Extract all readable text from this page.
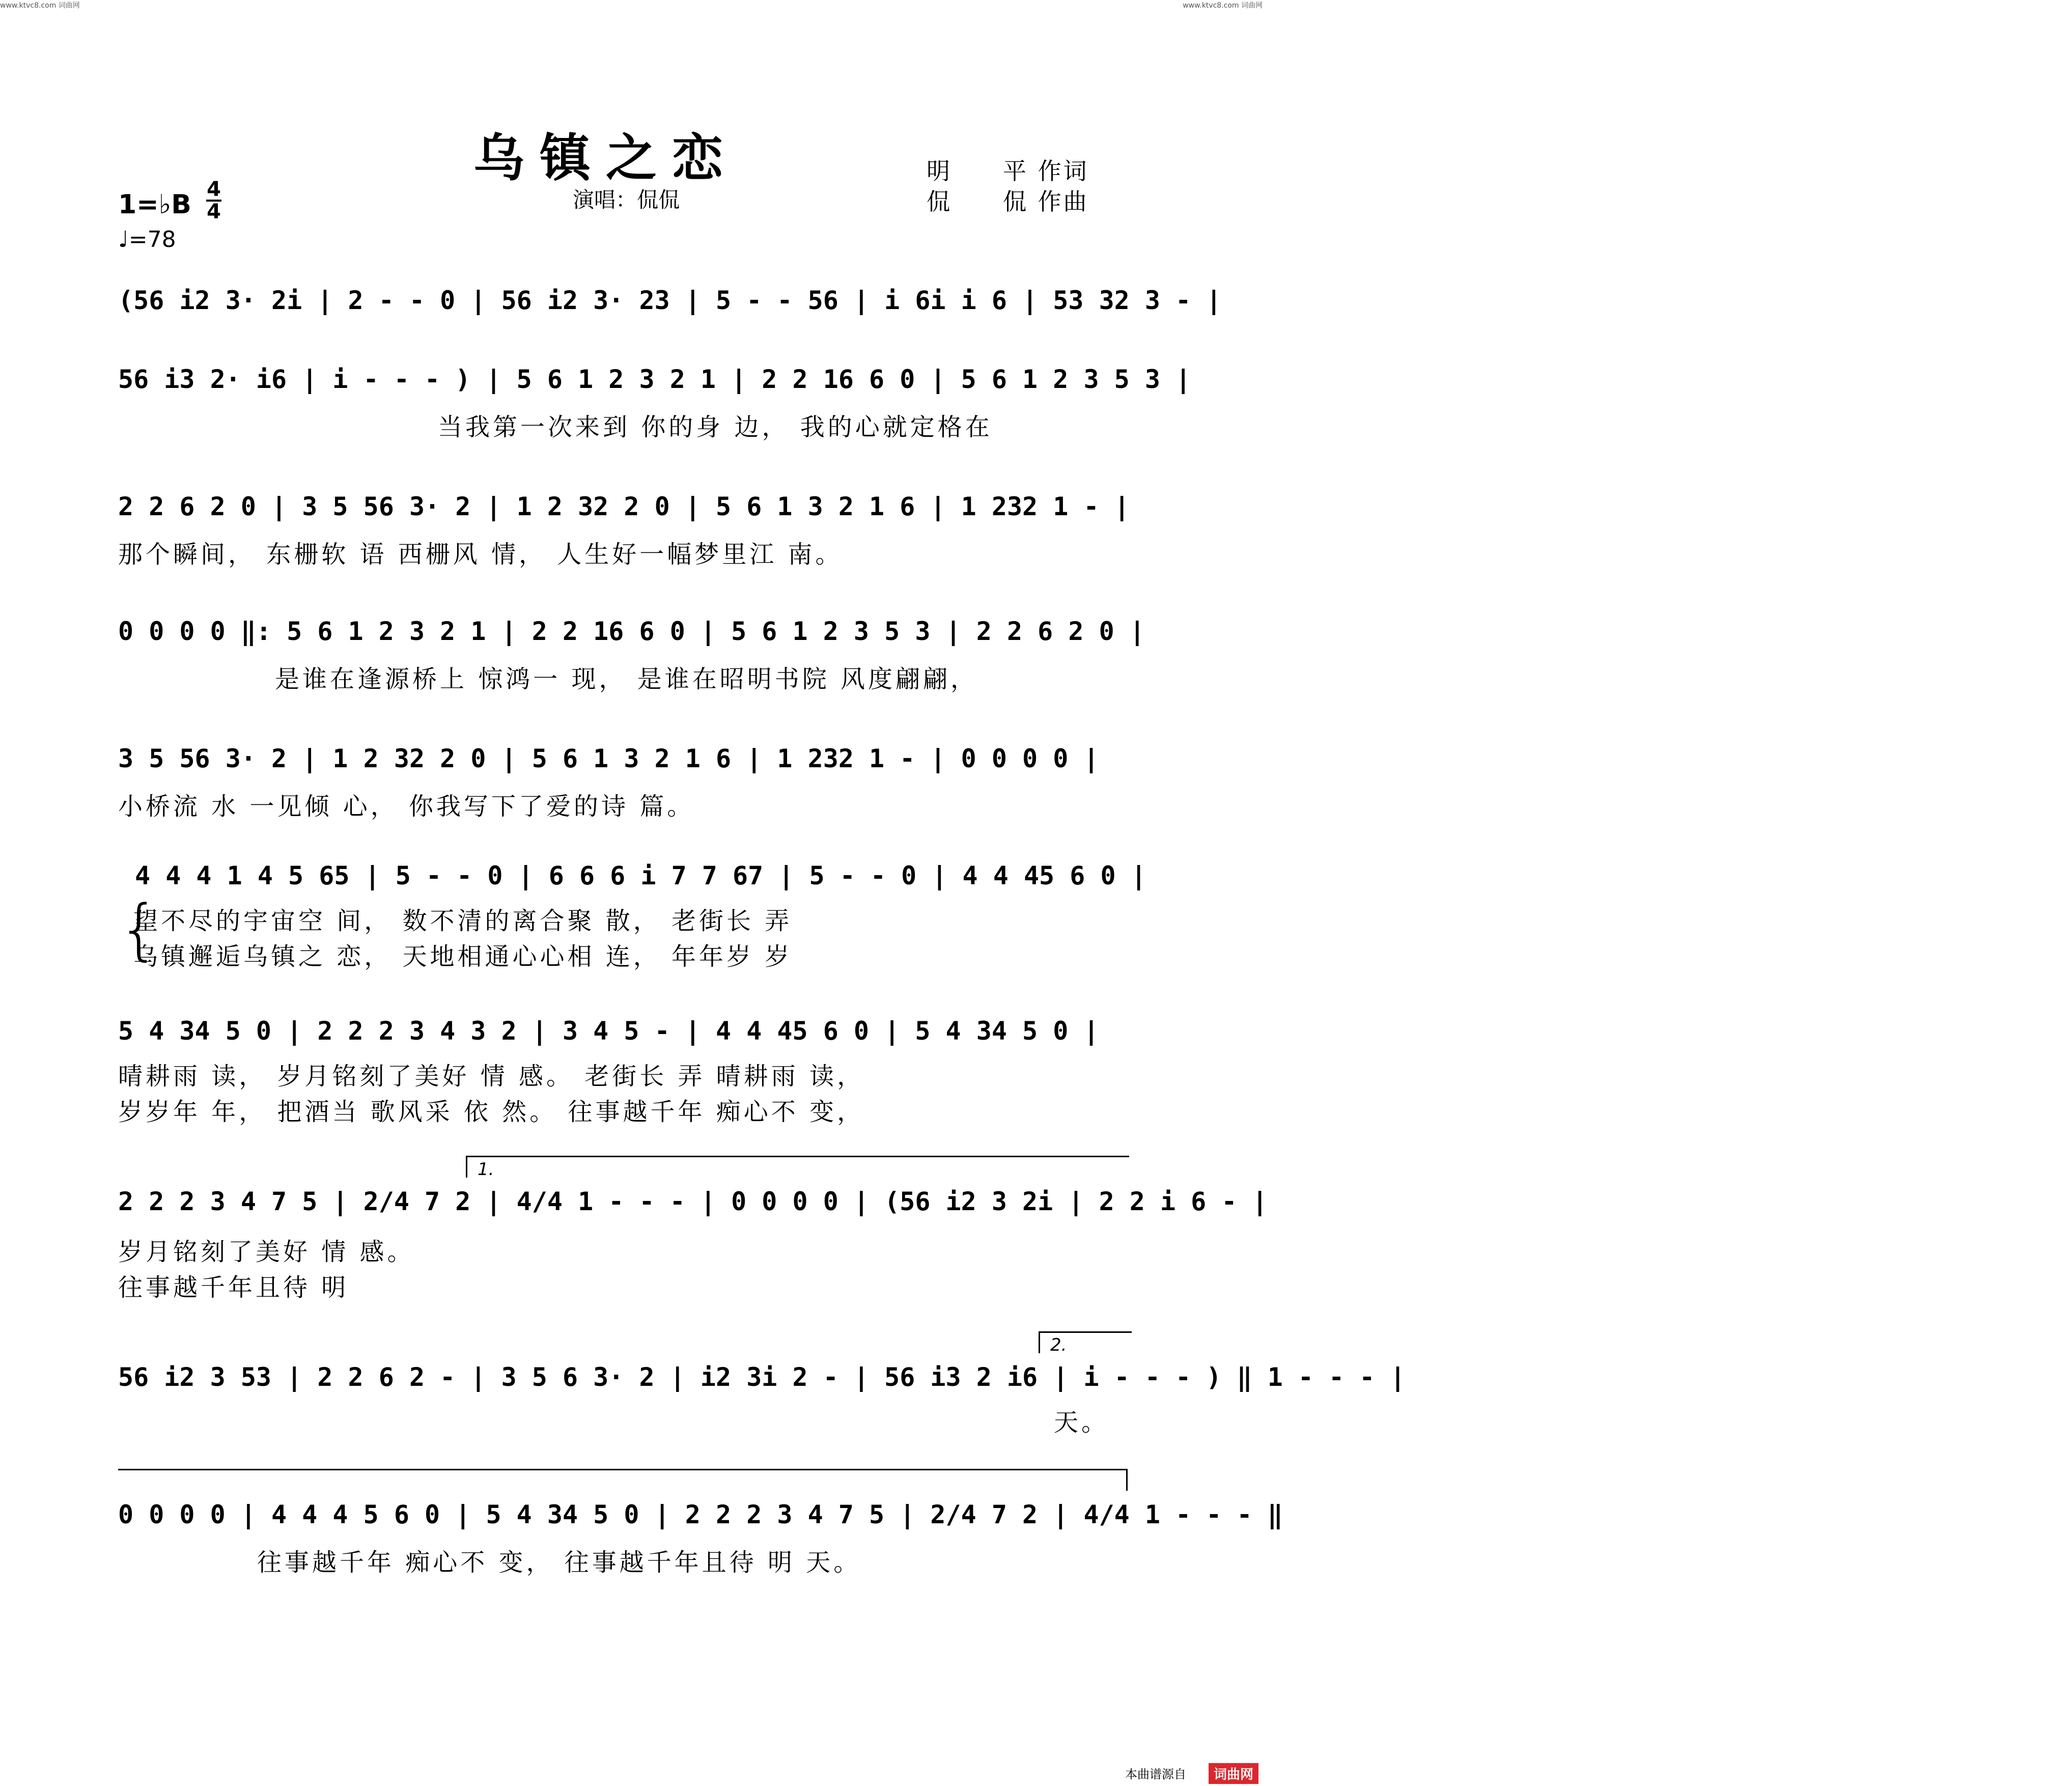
www.ktvc8.com 词曲网	www.ktvc8.com 词曲网
乌镇之恋
演唱：侃侃
明　　平 作词
侃　　侃 作曲
1=♭B 4
4
♩=78
(56 i2 3· 2i | 2 - - 0 | 56 i2 3· 23 | 5 - - 56 | i 6i i 6 | 53 32 3 - |
56 i3 2· i6 | i - - - ) | 5 6 1 2 3 2 1 | 2 2 16 6 0 | 5 6 1 2 3 5 3 |
当我第一次来到 你的身 边， 我的心就定格在
2 2 6 2 0 | 3 5 56 3· 2 | 1 2 32 2 0 | 5 6 1 3 2 1 6 | 1 232 1 - |
那个瞬间， 东栅软 语 西栅风 情， 人生好一幅梦里江 南。
0 0 0 0 ‖: 5 6 1 2 3 2 1 | 2 2 16 6 0 | 5 6 1 2 3 5 3 | 2 2 6 2 0 |
是谁在逢源桥上 惊鸿一 现， 是谁在昭明书院 风度翩翩，
3 5 56 3· 2 | 1 2 32 2 0 | 5 6 1 3 2 1 6 | 1 232 1 - | 0 0 0 0 |
小桥流 水 一见倾 心， 你我写下了爱的诗 篇。
4 4 4 1 4 5 65 | 5 - - 0 | 6 6 6 i 7 7 67 | 5 - - 0 | 4 4 45 6 0 |
{
望不尽的宇宙空 间， 数不清的离合聚 散， 老街长 弄
乌镇邂逅乌镇之 恋， 天地相通心心相 连， 年年岁 岁
5 4 34 5 0 | 2 2 2 3 4 3 2 | 3 4 5 - | 4 4 45 6 0 | 5 4 34 5 0 |
晴耕雨 读， 岁月铭刻了美好 情 感。 老街长 弄 晴耕雨 读，
岁岁年 年， 把酒当 歌风采 依 然。 往事越千年 痴心不 变，
1.
2 2 2 3 4 7 5 | 2/4 7 2 | 4/4 1 - - - | 0 0 0 0 | (56 i2 3 2i | 2 2 i 6 - |
岁月铭刻了美好 情 感。
往事越千年且待 明
2.
56 i2 3 53 | 2 2 6 2 - | 3 5 6 3· 2 | i2 3i 2 - | 56 i3 2 i6 | i - - - ) ‖ 1 - - - |
天。
0 0 0 0 | 4 4 4 5 6 0 | 5 4 34 5 0 | 2 2 2 3 4 7 5 | 2/4 7 2 | 4/4 1 - - - ‖
往事越千年 痴心不 变， 往事越千年且待 明 天。
本曲谱源自	词曲网
